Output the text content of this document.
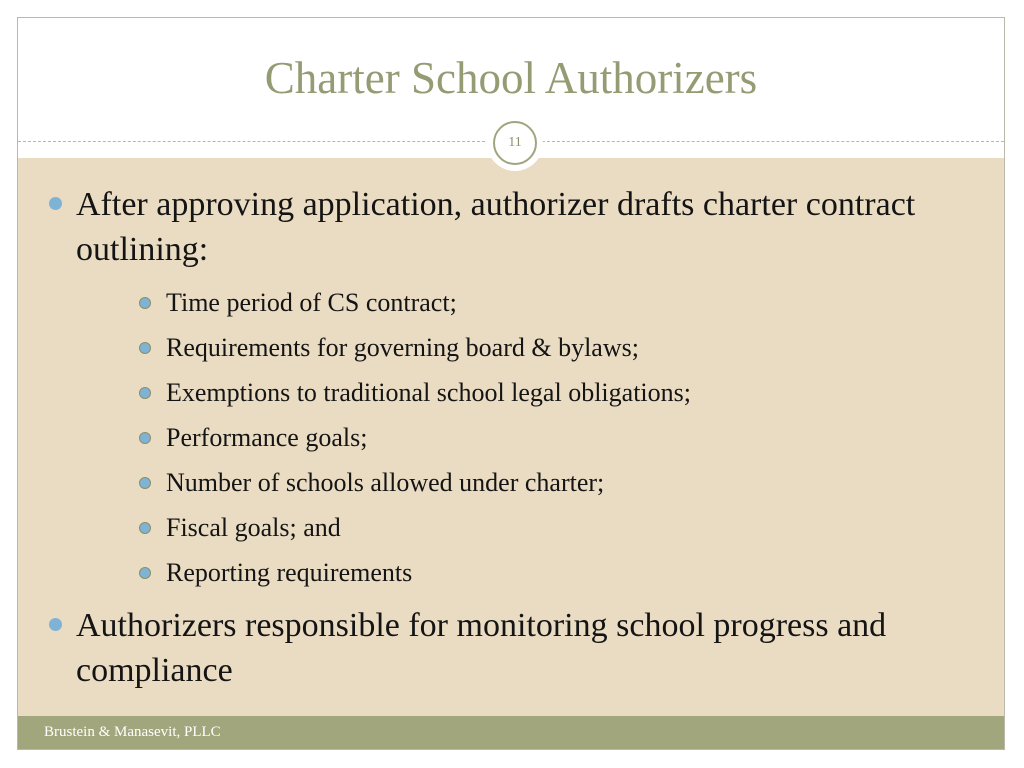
Charter School Authorizers
11
After approving application, authorizer drafts charter contract outlining:
Time period of CS contract;
Requirements for governing board & bylaws;
Exemptions to traditional school legal obligations;
Performance goals;
Number of schools allowed under charter;
Fiscal goals; and
Reporting requirements
Authorizers responsible for monitoring school progress and compliance
Brustein & Manasevit, PLLC
